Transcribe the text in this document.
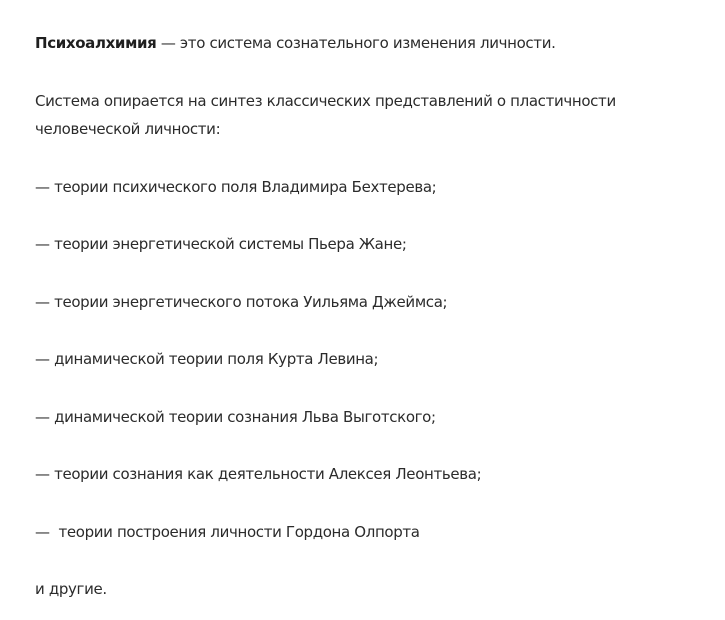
Психоалхимия — это система сознательного изменения личности.

Система опирается на синтез классических представлений о пластичности человеческой личности:

— теории психического поля Владимира Бехтерева;

— теории энергетической системы Пьера Жане;

— теории энергетического потока Уильяма Джеймса;

— динамической теории поля Курта Левина;

— динамической теории сознания Льва Выготского;

— теории сознания как деятельности Алексея Леонтьева;

—  теории построения личности Гордона Олпорта

и другие.
